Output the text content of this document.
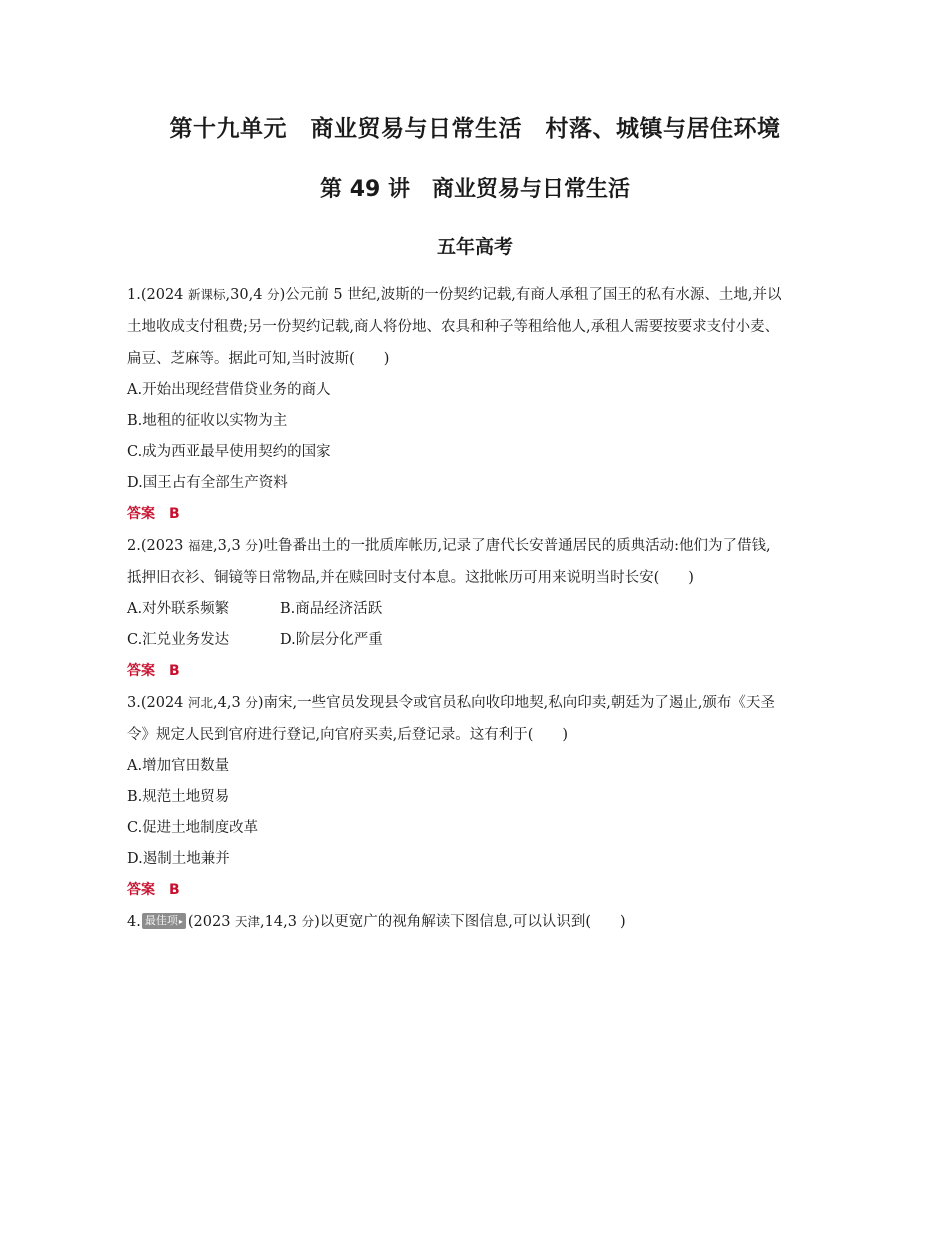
第十九单元　商业贸易与日常生活　村落、城镇与居住环境
第 49 讲　商业贸易与日常生活
五年高考
1.(2024 新课标,30,4 分)公元前 5 世纪,波斯的一份契约记载,有商人承租了国王的私有水源、土地,并以
土地收成支付租费;另一份契约记载,商人将份地、农具和种子等租给他人,承租人需要按要求支付小麦、
扁豆、芝麻等。据此可知,当时波斯(　　)
A.开始出现经营借贷业务的商人
B.地租的征收以实物为主
C.成为西亚最早使用契约的国家
D.国王占有全部生产资料
答案 B
2.(2023 福建,3,3 分)吐鲁番出土的一批质库帐历,记录了唐代长安普通居民的质典活动:他们为了借钱,
抵押旧衣衫、铜镜等日常物品,并在赎回时支付本息。这批帐历可用来说明当时长安(　　)
A.对外联系频繁	B.商品经济活跃
C.汇兑业务发达	D.阶层分化严重
答案 B
3.(2024 河北,4,3 分)南宋,一些官员发现县令或官员私向收印地契,私向印卖,朝廷为了遏止,颁布《天圣
令》规定人民到官府进行登记,向官府买卖,后登记录。这有利于(　　)
A.增加官田数量
B.规范土地贸易
C.促进土地制度改革
D.遏制土地兼并
答案 B
4. 最佳项 ▸ (2023 天津,14,3 分)以更宽广的视角解读下图信息,可以认识到(　　)
